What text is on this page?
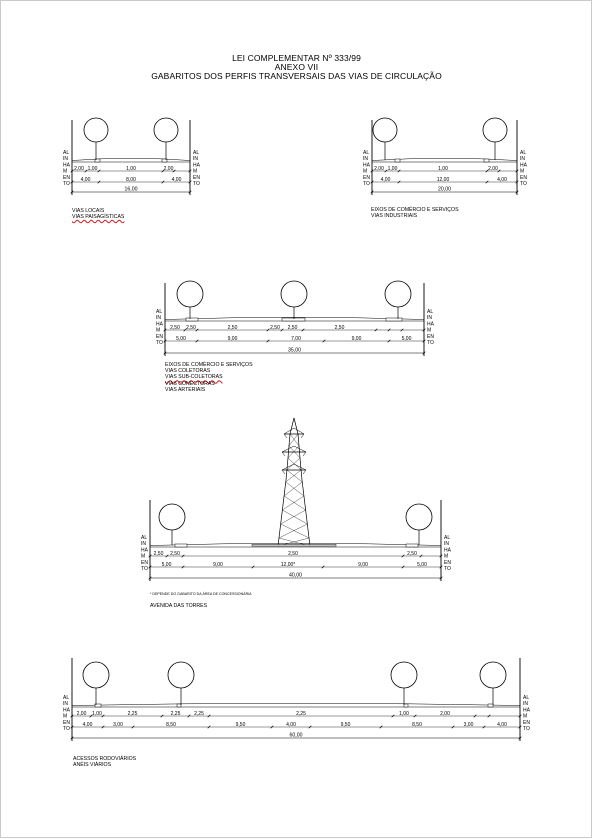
LEI COMPLEMENTAR Nº 333/99
ANEXO VII
GABARITOS DOS PERFIS TRANSVERSAIS DAS VIAS DE CIRCULAÇÃO
AL	AL
IN	IN
HA	HA
M	M
EN	EN
TO	TO
2,00 1,00	1,00	2,00
4,00	8,00	4,00
16,00
AL	AL
IN	IN
HA	HA
M	M
EN	EN
TO	TO
2,00 1,00	1,00	2,00
4,00	12,00	4,00
20,00
AL	AL
IN	IN
HA	HA
M	M
EN	EN
TO	TO
2,50 2,50	2,50	2,50 2,50	2,50
5,00	9,00	7,00	9,00	5,00
35,00
AL	AL
IN	IN
HA	HA
M	M
EN	EN
TO	TO
2,50 2,50	2,50	2,50
5,00	9,00	12,00*	9,00	5,00
40,00
AL	AL
IN	IN
HA	HA
M	M
EN	EN
TO	TO
2,00 1,00	2,25	2,25	2,25	2,25	1,00	2,00
4,00	3,00	8,50	9,50	4,00	9,50	8,50	3,00	4,00
60,00
VIAS LOCAIS
VIAS PAISAGÍSTICAS
EIXOS DE COMÉRCIO E SERVIÇOS
VIAS INDUSTRIAIS
EIXOS DE COMÉRCIO E SERVIÇOS
VIAS COLETORAS
VIAS SUB-COLETORAS
VIAS CONECTORAS
VIAS ARTERIAIS
* DEPENDE DO GABARITO DA ÁREA DE CONCESSIONÁRIA
AVENIDA DAS TORRES
ACESSOS RODOVIÁRIOS
ANÉIS VIÁRIOS
